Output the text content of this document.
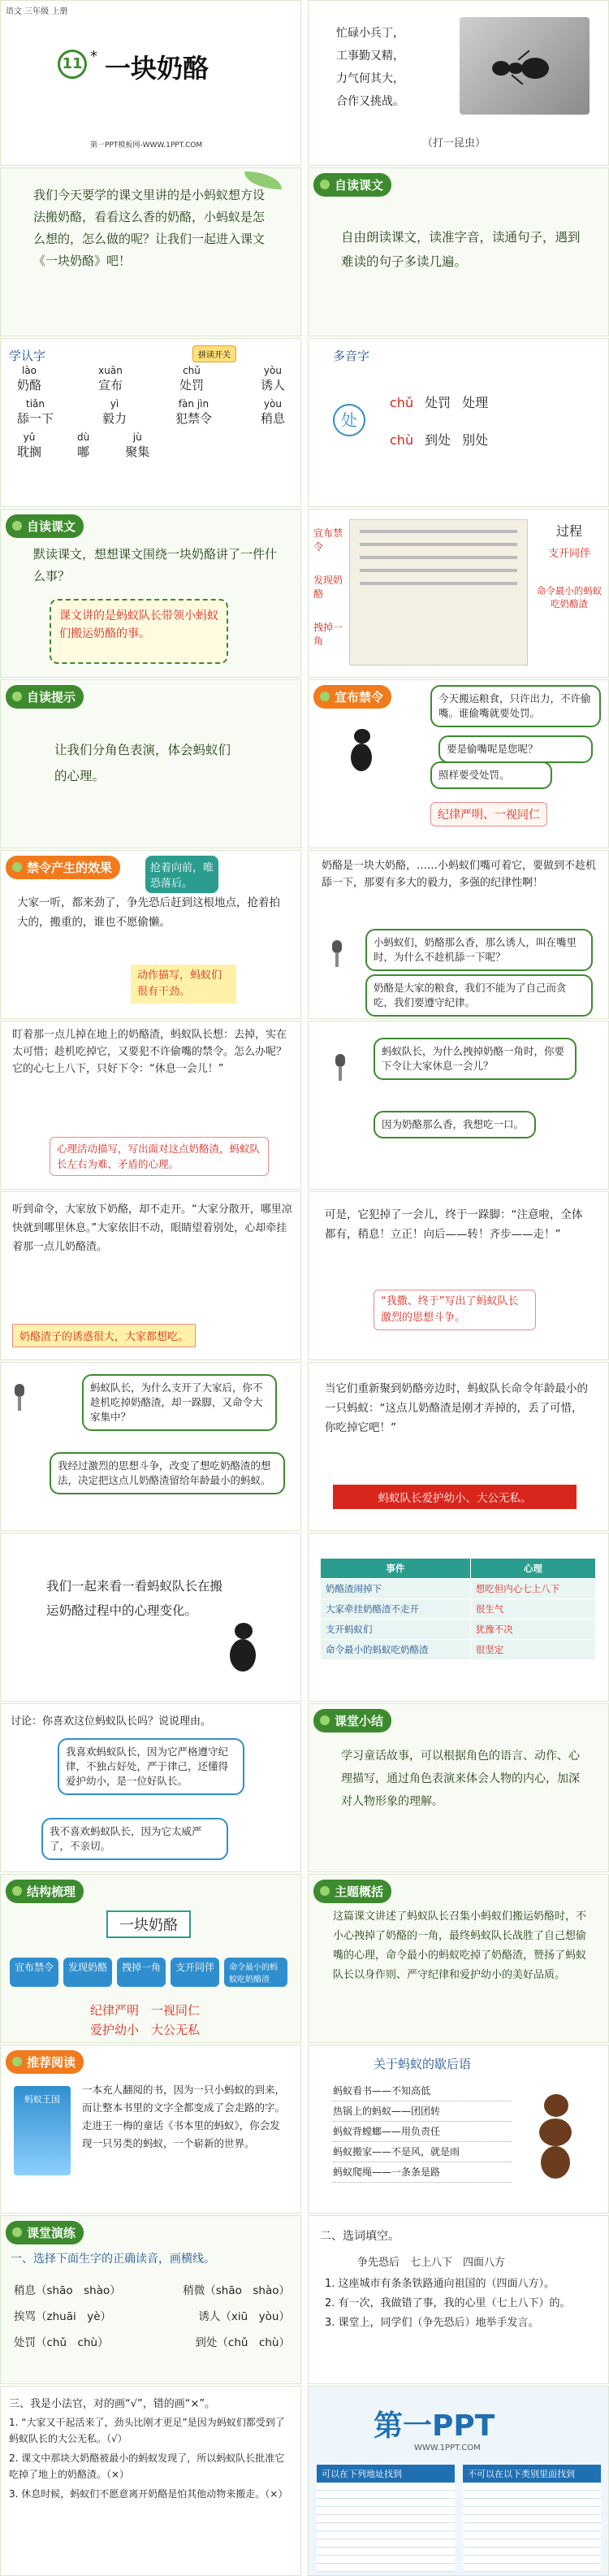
语文 三年级 上册
11 * 一块奶酪
第一PPT模板网-WWW.1PPT.COM
忙碌小兵丁，
工事勤又精，
力气何其大，
合作又挑战。
（打一昆虫）
我们今天要学的课文里讲的是小蚂蚁想方设法搬奶酪，看看这么香的奶酪，小蚂蚁是怎么想的，怎么做的呢？让我们一起进入课文《一块奶酪》吧！
自读课文
自由朗读课文，读准字音，读通句子，遇到难读的句子多读几遍。
学认字	拼读开关
lào
奶酪
xuān
宣布
chǔ
处罚
yòu
诱人
tiǎn
舔一下
yì
毅力
fàn jìn
犯禁令
yòu
稍息
yǔ
耽搁
dù
嘟
jù
聚集
多音字
处
chǔ 处罚 处理
chù 到处 别处
自读课文
默读课文，想想课文围绕一块奶酪讲了一件什么事？
课文讲的是蚂蚁队长带领小蚂蚁们搬运奶酪的事。
宣布禁令
发现奶酪
拽掉一角
过程
支开同伴
命令最小的蚂蚁吃奶酪渣
自读提示
让我们分角色表演，体会蚂蚁们的心理。
宣布禁令	今天搬运粮食，只许出力，不许偷嘴。谁偷嘴就要处罚。
要是偷嘴呢是您呢？
照样要受处罚。
纪律严明、一视同仁
禁令产生的效果	抢着向前，唯恐落后。
大家一听，都来劲了，争先恐后赶到这根地点，抢着拍大的，搬重的，谁也不愿偷懒。
动作描写，蚂蚁们很有干劲。
奶酪是一块大奶酪，……小蚂蚁们嘴可着它，要做到不趁机舔一下，那要有多大的毅力，多强的纪律性啊！
小蚂蚁们，奶酪那么香，那么诱人，叫在嘴里时，为什么不趁机舔一下呢？
奶酪是大家的粮食，我们不能为了自己而贪吃，我们要遵守纪律。
盯着那一点儿掉在地上的奶酪渣，蚂蚁队长想：去掉，实在太可惜；趁机吃掉它，又要犯不许偷嘴的禁令。怎么办呢？它的心七上八下，只好下令：“休息一会儿！”
心理活动描写，写出面对这点奶酪渣，蚂蚁队长左右为难、矛盾的心理。
蚂蚁队长，为什么拽掉奶酪一角时，你要下令让大家休息一会儿？
因为奶酪那么香，我想吃一口。
听到命令，大家放下奶酪，却不走开。“大家分散开，哪里凉快就到哪里休息。”大家依旧不动，眼睛望着别处，心却牵挂着那一点儿奶酪渣。
奶酪渣子的诱惑很大，大家都想吃。
可是，它犯掉了一会儿，终于一跺脚：“注意啦，全体都有，稍息！立正！向后——转！齐步——走！”
“我撒、终于”写出了蚂蚁队长激烈的思想斗争。
蚂蚁队长，为什么支开了大家后，你不趁机吃掉奶酪渣，却一跺脚，又命令大家集中？
我经过激烈的思想斗争，改变了想吃奶酪渣的想法，决定把这点儿奶酪渣留给年龄最小的蚂蚁。
当它们重新聚到奶酪旁边时，蚂蚁队长命令年龄最小的一只蚂蚁：“这点儿奶酪渣是刚才弄掉的，丢了可惜，你吃掉它吧！”
蚂蚁队长爱护幼小、大公无私。
我们一起来看一看蚂蚁队长在搬运奶酪过程中的心理变化。
事件	心理
奶酪渣闹掉下	想吃但内心七上八下
大家牵挂奶酪渣不走开	很生气
支开蚂蚁们	犹豫不决
命令最小的蚂蚁吃奶酪渣	很坚定
讨论：你喜欢这位蚂蚁队长吗？说说理由。
我喜欢蚂蚁队长，因为它严格遵守纪律，不独占好处，严于律己，还懂得爱护幼小，是一位好队长。
我不喜欢蚂蚁队长，因为它太威严了，不亲切。
课堂小结
学习童话故事，可以根据角色的语言、动作、心理描写，通过角色表演来体会人物的内心，加深对人物形象的理解。
结构梳理
一块奶酪
宣布禁令	发现奶酪	拽掉一角	支开同伴	命令最小的蚂蚁吃奶酪渣
纪律严明　一视同仁
爱护幼小　大公无私
主题概括
这篇课文讲述了蚂蚁队长召集小蚂蚁们搬运奶酪时，不小心拽掉了奶酪的一角，最终蚂蚁队长战胜了自己想偷嘴的心理，命令最小的蚂蚁吃掉了奶酪渣，赞扬了蚂蚁队长以身作则、严守纪律和爱护幼小的美好品质。
推荐阅读
蚂蚁王国
一本充人翻阅的书，因为一只小蚂蚁的到来，而让整本书里的文字全都变成了会走路的字。走进王一梅的童话《书本里的蚂蚁》，你会发现一只另类的蚂蚁，一个崭新的世界。
关于蚂蚁的歇后语
蚂蚁看书——不知高低
热锅上的蚂蚁——团团转
蚂蚁背螳螂——用负责任
蚂蚁搬家——不是风，就是雨
蚂蚁爬绳——一条条是路
课堂演练
一、选择下面生字的正确读音，画横线。
稍息（shāo　shào）	稍微（shāo　shào）
挨骂（zhuāi　yè）	诱人（xiū　yòu）
处罚（chǔ　chù）	到处（chǔ　chù）
二、选词填空。
争先恐后　七上八下　四面八方
1. 这座城市有条条铁路通向祖国的（四面八方）。
2. 有一次，我做错了事，我的心里（七上八下）的。
3. 课堂上，同学们（争先恐后）地举手发言。
三、我是小法官，对的画“√”，错的画“×”。
1. “大家又干起活来了，劲头比刚才更足”是因为蚂蚁们都受到了蚂蚁队长的大公无私。（√）
2. 课文中那块大奶酪被最小的蚂蚁发现了，所以蚂蚁队长批准它吃掉了地上的奶酪渣。（×）
3. 休息时候，蚂蚁们不愿意离开奶酪是怕其他动物来搬走。（×）
第一PPT
WWW.1PPT.COM
可以在下列地址找到	不可以在以下类别里面找到
